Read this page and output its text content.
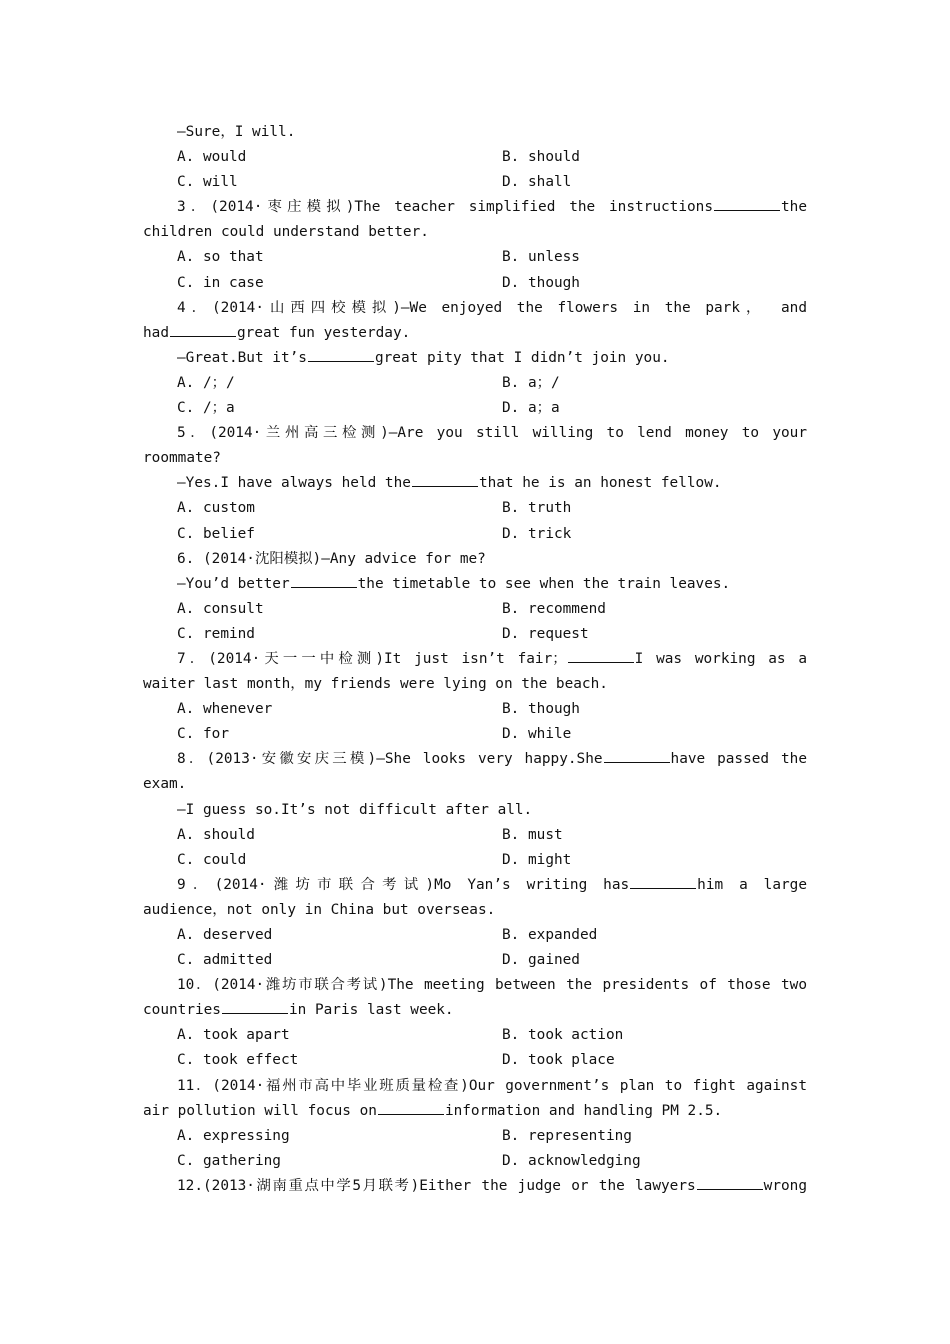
—Sure，I will.
A. would	B. should
C. will	D. shall
3．(2014·枣庄模拟)The teacher simplified the instructions	the
children could understand better.
A. so that	B. unless
C. in case	D. though
4．(2014·山西四校模拟)—We enjoyed the flowers in the park， and
had	great fun yesterday.
—Great.But it’s	great pity that I didn’t join you.
A. /；/	B. a；/
C. /；a	D. a；a
5．(2014·兰州高三检测)—Are you still willing to lend money to your
roommate?
—Yes.I have always held the	that he is an honest fellow.
A. custom	B. truth
C. belief	D. trick
6. (2014·沈阳模拟)—Any advice for me?
—You’d better	the timetable to see when the train leaves.
A. consult	B. recommend
C. remind	D. request
7．(2014·天一一中检测)It just isn’t fair；	I was working as a
waiter last month，my friends were lying on the beach.
A. whenever	B. though
C. for	D. while
8．(2013·安徽安庆三模)—She looks very happy.She	have passed the
exam.
—I guess so.It’s not difficult after all.
A. should	B. must
C. could	D. might
9．(2014·潍坊市联合考试)Mo Yan’s writing has	him a large
audience，not only in China but overseas.
A. deserved	B. expanded
C. admitted	D. gained
10．(2014·潍坊市联合考试)The meeting between the presidents of those two
countries	in Paris last week.
A. took apart	B. took action
C. took effect	D. took place
11．(2014·福州市高中毕业班质量检查)Our government’s plan to fight against
air pollution will focus on	information and handling PM 2.5.
A. expressing	B. representing
C. gathering	D. acknowledging
12.(2013·湖南重点中学5月联考)Either the judge or the lawyers	wrong
